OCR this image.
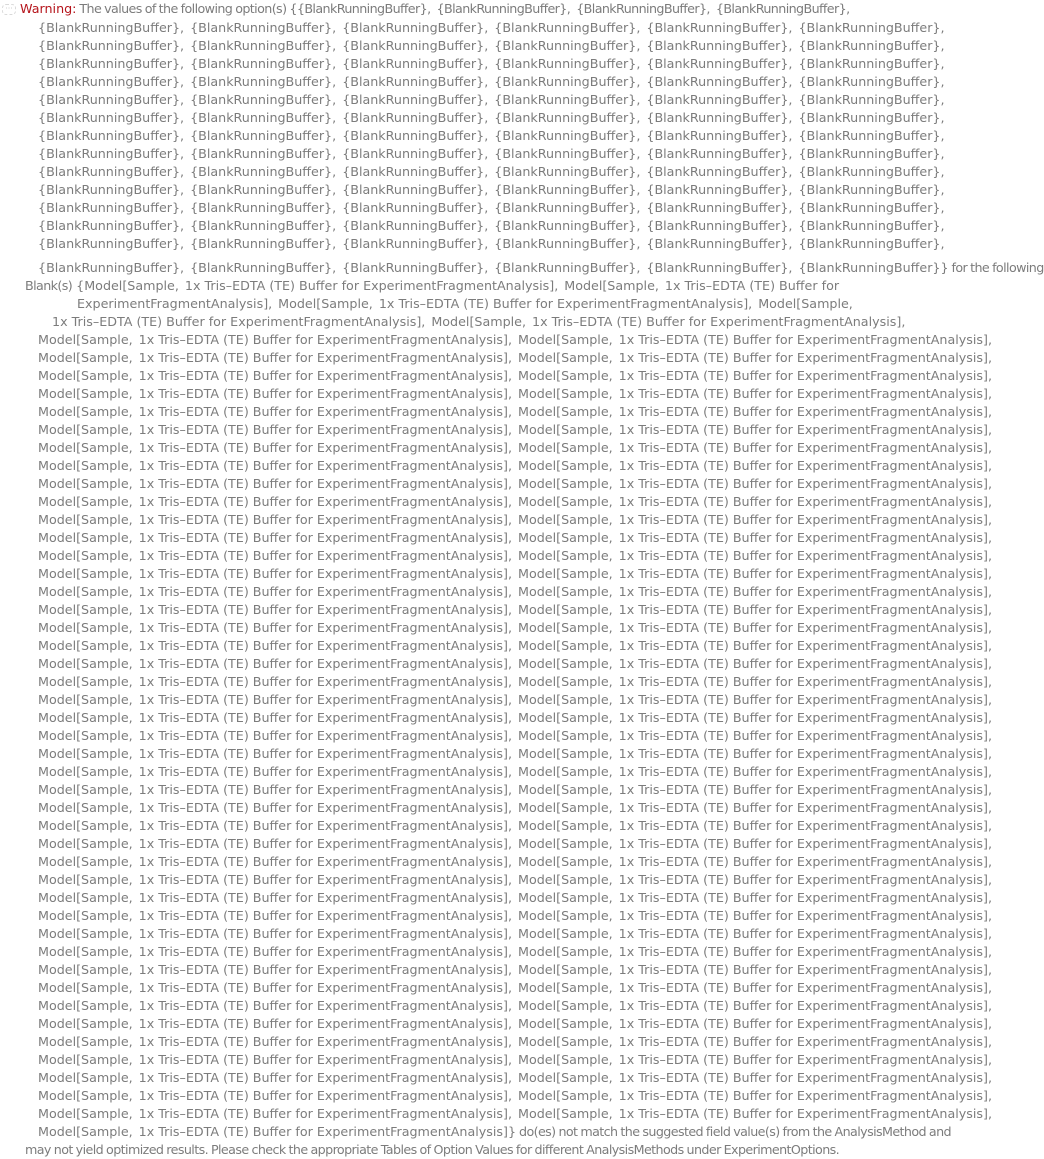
··· Warning: The values of the following option(s) {{BlankRunningBuffer}, {BlankRunningBuffer}, {BlankRunningBuffer}, {BlankRunningBuffer},
{BlankRunningBuffer}, {BlankRunningBuffer}, {BlankRunningBuffer}, {BlankRunningBuffer}, {BlankRunningBuffer}, {BlankRunningBuffer},
{BlankRunningBuffer}, {BlankRunningBuffer}, {BlankRunningBuffer}, {BlankRunningBuffer}, {BlankRunningBuffer}, {BlankRunningBuffer},
{BlankRunningBuffer}, {BlankRunningBuffer}, {BlankRunningBuffer}, {BlankRunningBuffer}, {BlankRunningBuffer}, {BlankRunningBuffer},
{BlankRunningBuffer}, {BlankRunningBuffer}, {BlankRunningBuffer}, {BlankRunningBuffer}, {BlankRunningBuffer}, {BlankRunningBuffer},
{BlankRunningBuffer}, {BlankRunningBuffer}, {BlankRunningBuffer}, {BlankRunningBuffer}, {BlankRunningBuffer}, {BlankRunningBuffer},
{BlankRunningBuffer}, {BlankRunningBuffer}, {BlankRunningBuffer}, {BlankRunningBuffer}, {BlankRunningBuffer}, {BlankRunningBuffer},
{BlankRunningBuffer}, {BlankRunningBuffer}, {BlankRunningBuffer}, {BlankRunningBuffer}, {BlankRunningBuffer}, {BlankRunningBuffer},
{BlankRunningBuffer}, {BlankRunningBuffer}, {BlankRunningBuffer}, {BlankRunningBuffer}, {BlankRunningBuffer}, {BlankRunningBuffer},
{BlankRunningBuffer}, {BlankRunningBuffer}, {BlankRunningBuffer}, {BlankRunningBuffer}, {BlankRunningBuffer}, {BlankRunningBuffer},
{BlankRunningBuffer}, {BlankRunningBuffer}, {BlankRunningBuffer}, {BlankRunningBuffer}, {BlankRunningBuffer}, {BlankRunningBuffer},
{BlankRunningBuffer}, {BlankRunningBuffer}, {BlankRunningBuffer}, {BlankRunningBuffer}, {BlankRunningBuffer}, {BlankRunningBuffer},
{BlankRunningBuffer}, {BlankRunningBuffer}, {BlankRunningBuffer}, {BlankRunningBuffer}, {BlankRunningBuffer}, {BlankRunningBuffer},
{BlankRunningBuffer}, {BlankRunningBuffer}, {BlankRunningBuffer}, {BlankRunningBuffer}, {BlankRunningBuffer}, {BlankRunningBuffer},
{BlankRunningBuffer}, {BlankRunningBuffer}, {BlankRunningBuffer}, {BlankRunningBuffer}, {BlankRunningBuffer}, {BlankRunningBuffer}} for the following
Blank(s) {Model[Sample, 1x Tris–EDTA (TE) Buffer for ExperimentFragmentAnalysis], Model[Sample, 1x Tris–EDTA (TE) Buffer for
ExperimentFragmentAnalysis], Model[Sample, 1x Tris–EDTA (TE) Buffer for ExperimentFragmentAnalysis], Model[Sample,
1x Tris–EDTA (TE) Buffer for ExperimentFragmentAnalysis], Model[Sample, 1x Tris–EDTA (TE) Buffer for ExperimentFragmentAnalysis],
Model[Sample, 1x Tris–EDTA (TE) Buffer for ExperimentFragmentAnalysis], Model[Sample, 1x Tris–EDTA (TE) Buffer for ExperimentFragmentAnalysis],
Model[Sample, 1x Tris–EDTA (TE) Buffer for ExperimentFragmentAnalysis], Model[Sample, 1x Tris–EDTA (TE) Buffer for ExperimentFragmentAnalysis],
Model[Sample, 1x Tris–EDTA (TE) Buffer for ExperimentFragmentAnalysis], Model[Sample, 1x Tris–EDTA (TE) Buffer for ExperimentFragmentAnalysis],
Model[Sample, 1x Tris–EDTA (TE) Buffer for ExperimentFragmentAnalysis], Model[Sample, 1x Tris–EDTA (TE) Buffer for ExperimentFragmentAnalysis],
Model[Sample, 1x Tris–EDTA (TE) Buffer for ExperimentFragmentAnalysis], Model[Sample, 1x Tris–EDTA (TE) Buffer for ExperimentFragmentAnalysis],
Model[Sample, 1x Tris–EDTA (TE) Buffer for ExperimentFragmentAnalysis], Model[Sample, 1x Tris–EDTA (TE) Buffer for ExperimentFragmentAnalysis],
Model[Sample, 1x Tris–EDTA (TE) Buffer for ExperimentFragmentAnalysis], Model[Sample, 1x Tris–EDTA (TE) Buffer for ExperimentFragmentAnalysis],
Model[Sample, 1x Tris–EDTA (TE) Buffer for ExperimentFragmentAnalysis], Model[Sample, 1x Tris–EDTA (TE) Buffer for ExperimentFragmentAnalysis],
Model[Sample, 1x Tris–EDTA (TE) Buffer for ExperimentFragmentAnalysis], Model[Sample, 1x Tris–EDTA (TE) Buffer for ExperimentFragmentAnalysis],
Model[Sample, 1x Tris–EDTA (TE) Buffer for ExperimentFragmentAnalysis], Model[Sample, 1x Tris–EDTA (TE) Buffer for ExperimentFragmentAnalysis],
Model[Sample, 1x Tris–EDTA (TE) Buffer for ExperimentFragmentAnalysis], Model[Sample, 1x Tris–EDTA (TE) Buffer for ExperimentFragmentAnalysis],
Model[Sample, 1x Tris–EDTA (TE) Buffer for ExperimentFragmentAnalysis], Model[Sample, 1x Tris–EDTA (TE) Buffer for ExperimentFragmentAnalysis],
Model[Sample, 1x Tris–EDTA (TE) Buffer for ExperimentFragmentAnalysis], Model[Sample, 1x Tris–EDTA (TE) Buffer for ExperimentFragmentAnalysis],
Model[Sample, 1x Tris–EDTA (TE) Buffer for ExperimentFragmentAnalysis], Model[Sample, 1x Tris–EDTA (TE) Buffer for ExperimentFragmentAnalysis],
Model[Sample, 1x Tris–EDTA (TE) Buffer for ExperimentFragmentAnalysis], Model[Sample, 1x Tris–EDTA (TE) Buffer for ExperimentFragmentAnalysis],
Model[Sample, 1x Tris–EDTA (TE) Buffer for ExperimentFragmentAnalysis], Model[Sample, 1x Tris–EDTA (TE) Buffer for ExperimentFragmentAnalysis],
Model[Sample, 1x Tris–EDTA (TE) Buffer for ExperimentFragmentAnalysis], Model[Sample, 1x Tris–EDTA (TE) Buffer for ExperimentFragmentAnalysis],
Model[Sample, 1x Tris–EDTA (TE) Buffer for ExperimentFragmentAnalysis], Model[Sample, 1x Tris–EDTA (TE) Buffer for ExperimentFragmentAnalysis],
Model[Sample, 1x Tris–EDTA (TE) Buffer for ExperimentFragmentAnalysis], Model[Sample, 1x Tris–EDTA (TE) Buffer for ExperimentFragmentAnalysis],
Model[Sample, 1x Tris–EDTA (TE) Buffer for ExperimentFragmentAnalysis], Model[Sample, 1x Tris–EDTA (TE) Buffer for ExperimentFragmentAnalysis],
Model[Sample, 1x Tris–EDTA (TE) Buffer for ExperimentFragmentAnalysis], Model[Sample, 1x Tris–EDTA (TE) Buffer for ExperimentFragmentAnalysis],
Model[Sample, 1x Tris–EDTA (TE) Buffer for ExperimentFragmentAnalysis], Model[Sample, 1x Tris–EDTA (TE) Buffer for ExperimentFragmentAnalysis],
Model[Sample, 1x Tris–EDTA (TE) Buffer for ExperimentFragmentAnalysis], Model[Sample, 1x Tris–EDTA (TE) Buffer for ExperimentFragmentAnalysis],
Model[Sample, 1x Tris–EDTA (TE) Buffer for ExperimentFragmentAnalysis], Model[Sample, 1x Tris–EDTA (TE) Buffer for ExperimentFragmentAnalysis],
Model[Sample, 1x Tris–EDTA (TE) Buffer for ExperimentFragmentAnalysis], Model[Sample, 1x Tris–EDTA (TE) Buffer for ExperimentFragmentAnalysis],
Model[Sample, 1x Tris–EDTA (TE) Buffer for ExperimentFragmentAnalysis], Model[Sample, 1x Tris–EDTA (TE) Buffer for ExperimentFragmentAnalysis],
Model[Sample, 1x Tris–EDTA (TE) Buffer for ExperimentFragmentAnalysis], Model[Sample, 1x Tris–EDTA (TE) Buffer for ExperimentFragmentAnalysis],
Model[Sample, 1x Tris–EDTA (TE) Buffer for ExperimentFragmentAnalysis], Model[Sample, 1x Tris–EDTA (TE) Buffer for ExperimentFragmentAnalysis],
Model[Sample, 1x Tris–EDTA (TE) Buffer for ExperimentFragmentAnalysis], Model[Sample, 1x Tris–EDTA (TE) Buffer for ExperimentFragmentAnalysis],
Model[Sample, 1x Tris–EDTA (TE) Buffer for ExperimentFragmentAnalysis], Model[Sample, 1x Tris–EDTA (TE) Buffer for ExperimentFragmentAnalysis],
Model[Sample, 1x Tris–EDTA (TE) Buffer for ExperimentFragmentAnalysis], Model[Sample, 1x Tris–EDTA (TE) Buffer for ExperimentFragmentAnalysis],
Model[Sample, 1x Tris–EDTA (TE) Buffer for ExperimentFragmentAnalysis], Model[Sample, 1x Tris–EDTA (TE) Buffer for ExperimentFragmentAnalysis],
Model[Sample, 1x Tris–EDTA (TE) Buffer for ExperimentFragmentAnalysis], Model[Sample, 1x Tris–EDTA (TE) Buffer for ExperimentFragmentAnalysis],
Model[Sample, 1x Tris–EDTA (TE) Buffer for ExperimentFragmentAnalysis], Model[Sample, 1x Tris–EDTA (TE) Buffer for ExperimentFragmentAnalysis],
Model[Sample, 1x Tris–EDTA (TE) Buffer for ExperimentFragmentAnalysis], Model[Sample, 1x Tris–EDTA (TE) Buffer for ExperimentFragmentAnalysis],
Model[Sample, 1x Tris–EDTA (TE) Buffer for ExperimentFragmentAnalysis], Model[Sample, 1x Tris–EDTA (TE) Buffer for ExperimentFragmentAnalysis],
Model[Sample, 1x Tris–EDTA (TE) Buffer for ExperimentFragmentAnalysis], Model[Sample, 1x Tris–EDTA (TE) Buffer for ExperimentFragmentAnalysis],
Model[Sample, 1x Tris–EDTA (TE) Buffer for ExperimentFragmentAnalysis], Model[Sample, 1x Tris–EDTA (TE) Buffer for ExperimentFragmentAnalysis],
Model[Sample, 1x Tris–EDTA (TE) Buffer for ExperimentFragmentAnalysis], Model[Sample, 1x Tris–EDTA (TE) Buffer for ExperimentFragmentAnalysis],
Model[Sample, 1x Tris–EDTA (TE) Buffer for ExperimentFragmentAnalysis], Model[Sample, 1x Tris–EDTA (TE) Buffer for ExperimentFragmentAnalysis],
Model[Sample, 1x Tris–EDTA (TE) Buffer for ExperimentFragmentAnalysis], Model[Sample, 1x Tris–EDTA (TE) Buffer for ExperimentFragmentAnalysis],
Model[Sample, 1x Tris–EDTA (TE) Buffer for ExperimentFragmentAnalysis], Model[Sample, 1x Tris–EDTA (TE) Buffer for ExperimentFragmentAnalysis],
Model[Sample, 1x Tris–EDTA (TE) Buffer for ExperimentFragmentAnalysis], Model[Sample, 1x Tris–EDTA (TE) Buffer for ExperimentFragmentAnalysis],
Model[Sample, 1x Tris–EDTA (TE) Buffer for ExperimentFragmentAnalysis], Model[Sample, 1x Tris–EDTA (TE) Buffer for ExperimentFragmentAnalysis],
Model[Sample, 1x Tris–EDTA (TE) Buffer for ExperimentFragmentAnalysis]} do(es) not match the suggested field value(s) from the AnalysisMethod and
may not yield optimized results. Please check the appropriate Tables of Option Values for different AnalysisMethods under ExperimentOptions.
